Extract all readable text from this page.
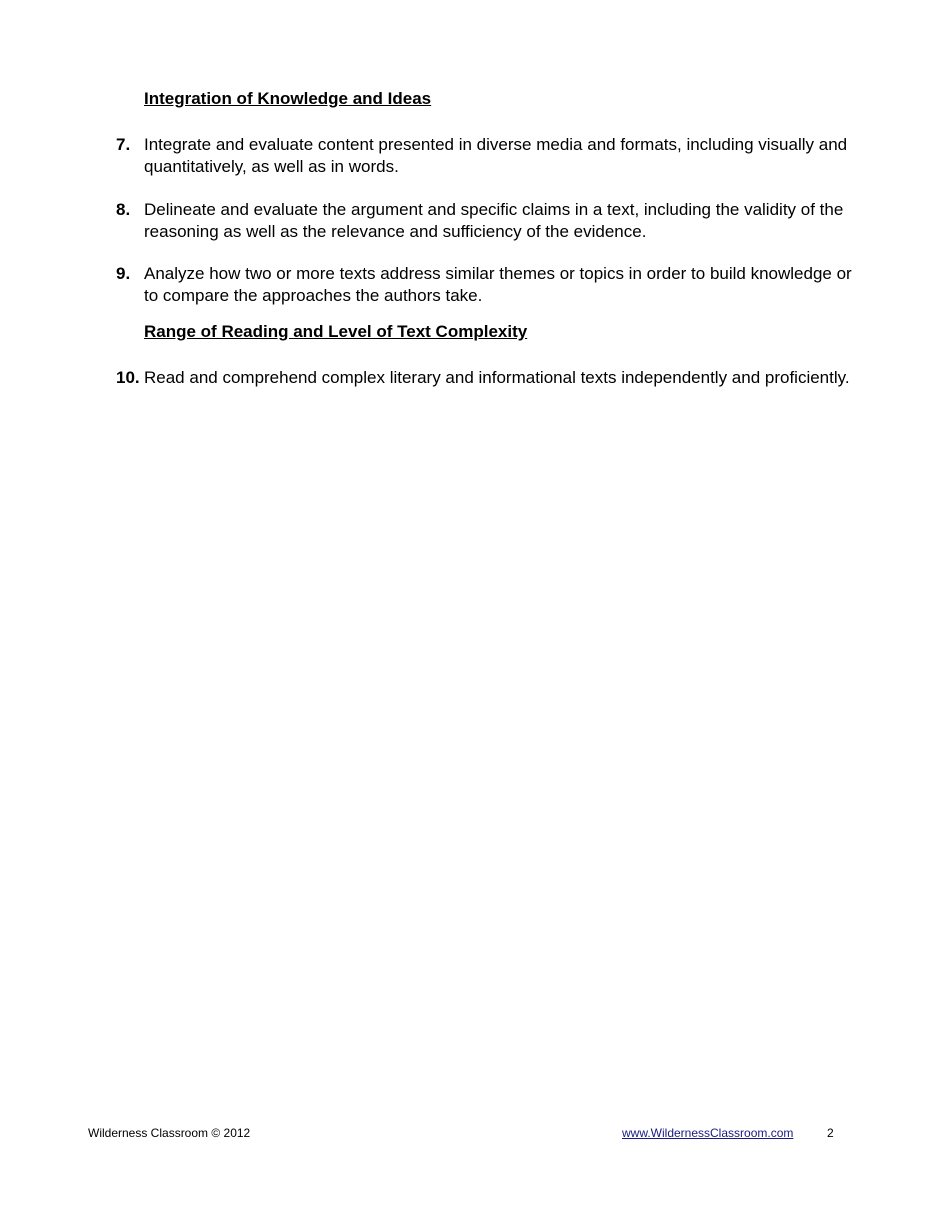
Integration of Knowledge and Ideas
7. Integrate and evaluate content presented in diverse media and formats, including visually and quantitatively, as well as in words.
8. Delineate and evaluate the argument and specific claims in a text, including the validity of the reasoning as well as the relevance and sufficiency of the evidence.
9. Analyze how two or more texts address similar themes or topics in order to build knowledge or to compare the approaches the authors take.
Range of Reading and Level of Text Complexity
10. Read and comprehend complex literary and informational texts independently and proficiently.
Wilderness Classroom © 2012	www.WildernessClassroom.com	2
